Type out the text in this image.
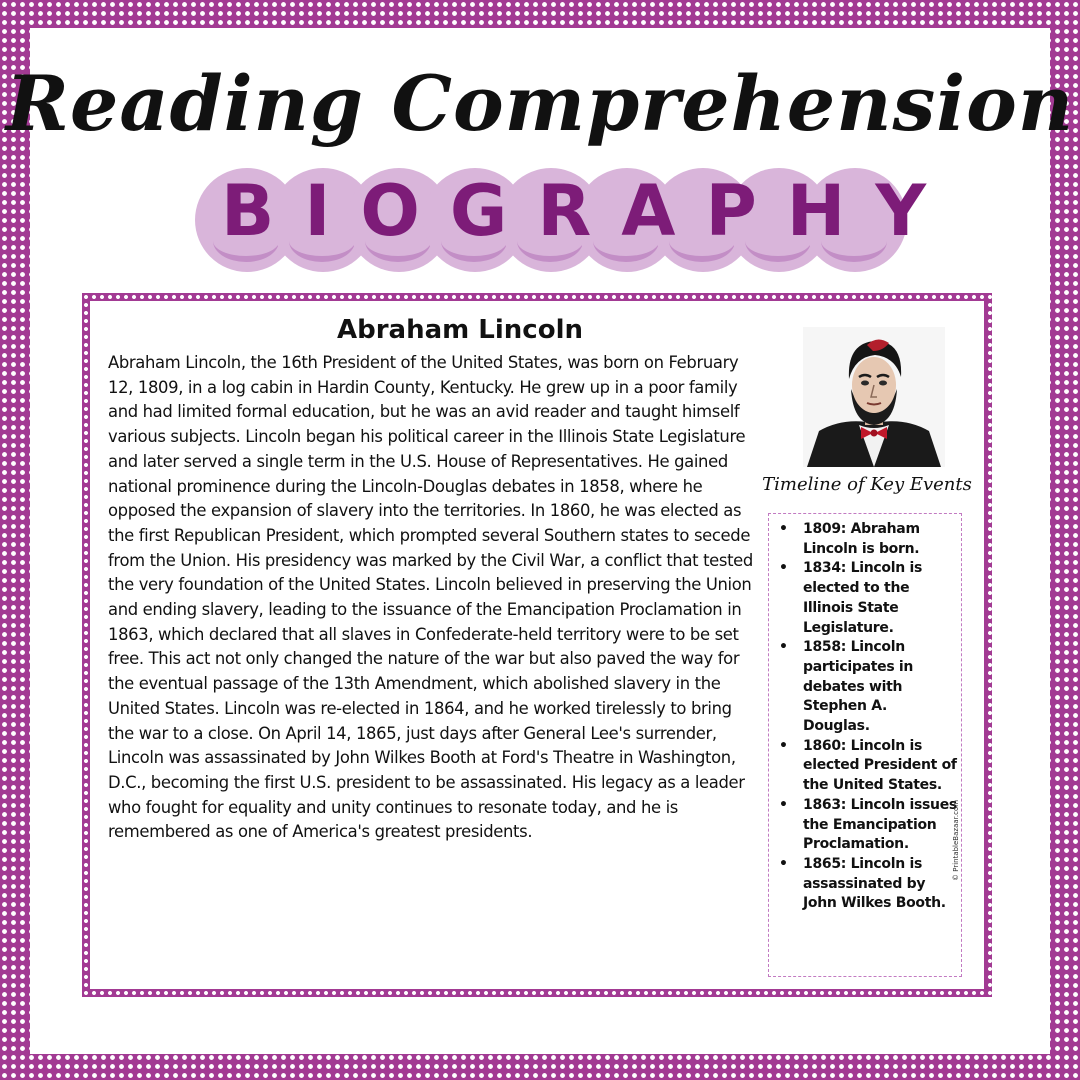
Reading Comprehension
BIOGRAPHY
Abraham Lincoln

Abraham Lincoln, the 16th President of the United States, was born on February 12, 1809, in a log cabin in Hardin County, Kentucky. He grew up in a poor family and had limited formal education, but he was an avid reader and taught himself various subjects. Lincoln began his political career in the Illinois State Legislature and later served a single term in the U.S. House of Representatives. He gained national prominence during the Lincoln-Douglas debates in 1858, where he opposed the expansion of slavery into the territories. In 1860, he was elected as the first Republican President, which prompted several Southern states to secede from the Union. His presidency was marked by the Civil War, a conflict that tested the very foundation of the United States. Lincoln believed in preserving the Union and ending slavery, leading to the issuance of the Emancipation Proclamation in 1863, which declared that all slaves in Confederate-held territory were to be set free. This act not only changed the nature of the war but also paved the way for the eventual passage of the 13th Amendment, which abolished slavery in the United States. Lincoln was re-elected in 1864, and he worked tirelessly to bring the war to a close. On April 14, 1865, just days after General Lee's surrender, Lincoln was assassinated by John Wilkes Booth at Ford's Theatre in Washington, D.C., becoming the first U.S. president to be assassinated. His legacy as a leader who fought for equality and unity continues to resonate today, and he is remembered as one of America's greatest presidents.

Timeline of Key Events
• 1809: Abraham Lincoln is born.
• 1834: Lincoln is elected to the Illinois State Legislature.
• 1858: Lincoln participates in debates with Stephen A. Douglas.
• 1860: Lincoln is elected President of the United States.
• 1863: Lincoln issues the Emancipation Proclamation.
• 1865: Lincoln is assassinated by John Wilkes Booth.
© PrintableBazaar.com
